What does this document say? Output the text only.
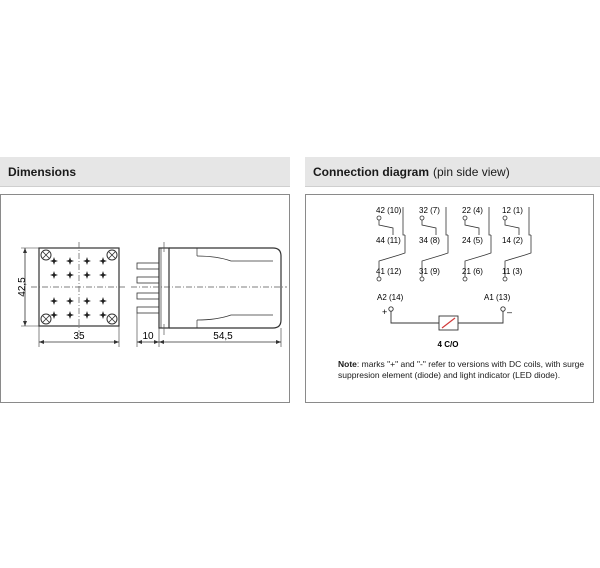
Dimensions
42,5
35	10	54,5
Connection diagram (pin side view)
42 (10)
44 (11)
41 (12)
32 (7)
34 (8)
31 (9)
22 (4)
24 (5)
21 (6)
12 (1)
14 (2)
11 (3)
A2 (14)	A1 (13)
+	–
4 C/O
Note: marks "+" and "-" refer to versions with DC coils, with surge suppresion element (diode) and light indicator (LED diode).
